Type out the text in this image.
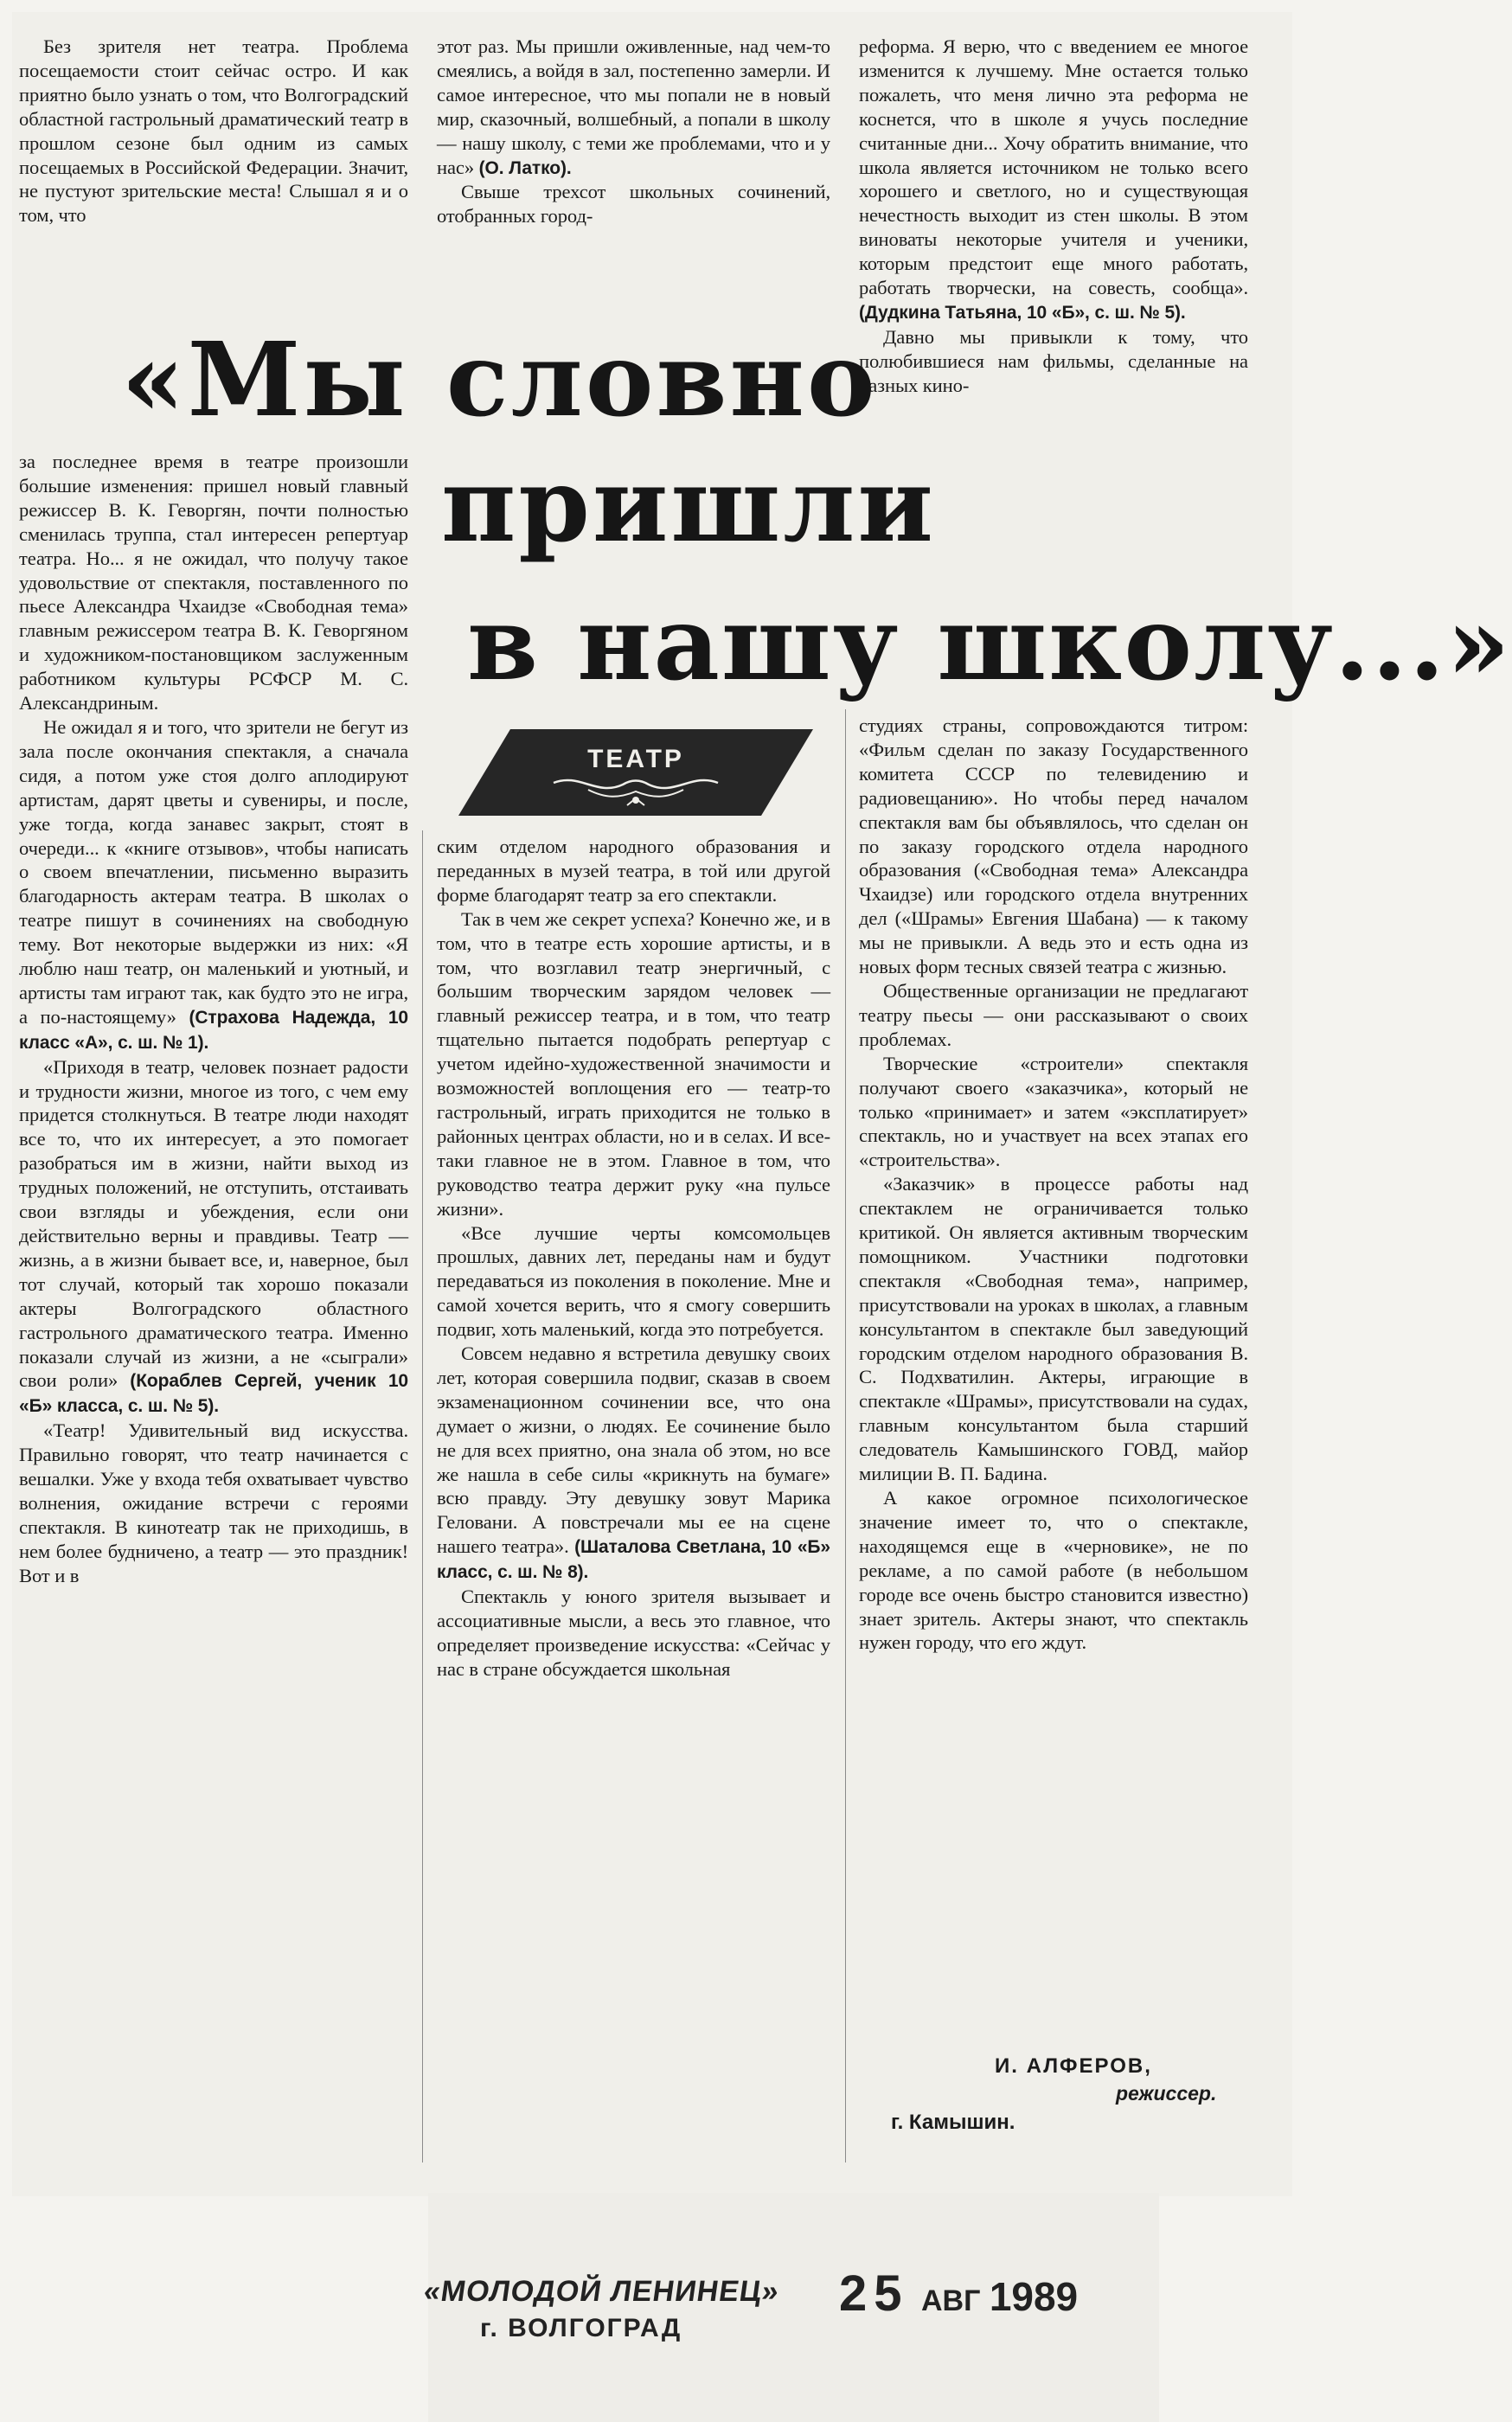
Без зрителя нет театра. Проблема посещаемости стоит сейчас остро. И как приятно было узнать о том, что Волгоградский областной гастрольный драматический театр в прошлом сезоне был одним из самых посещаемых в Российской Федерации. Значит, не пустуют зрительские места! Слышал я и о том, что

этот раз. Мы пришли оживленные, над чем-то смеялись, а войдя в зал, постепенно замерли. И самое интересное, что мы попали не в новый мир, сказочный, волшебный, а попали в школу — нашу школу, с теми же проблемами, что и у нас» (О. Латко).

Свыше трехсот школьных сочинений, отобранных город-

реформа. Я верю, что с введением ее многое изменится к лучшему. Мне остается только пожалеть, что меня лично эта реформа не коснется, что в школе я учусь последние считанные дни... Хочу обратить внимание, что школа является источником не только всего хорошего и светлого, но и существующая нечестность выходит из стен школы. В этом виноваты некоторые учителя и ученики, которым предстоит еще много работать, работать творчески, на совесть, сообща». (Дудкина Татьяна, 10 «Б», с. ш. № 5).

Давно мы привыкли к тому, что полюбившиеся нам фильмы, сделанные на разных кино-

«Мы словно
пришли
в нашу школу...»
ТЕАТР

за последнее время в театре произошли большие изменения: пришел новый главный режиссер В. К. Геворгян, почти полностью сменилась труппа, стал интересен репертуар театра. Но... я не ожидал, что получу такое удовольствие от спектакля, поставленного по пьесе Александра Чхаидзе «Свободная тема» главным режиссером театра В. К. Геворгяном и художником-постановщиком заслуженным работником культуры РСФСР М. С. Александриным.

Не ожидал я и того, что зрители не бегут из зала после окончания спектакля, а сначала сидя, а потом уже стоя долго аплодируют артистам, дарят цветы и сувениры, и после, уже тогда, когда занавес закрыт, стоят в очереди... к «книге отзывов», чтобы написать о своем впечатлении, письменно выразить благодарность актерам театра. В школах о театре пишут в сочинениях на свободную тему. Вот некоторые выдержки из них: «Я люблю наш театр, он маленький и уютный, и артисты там играют так, как будто это не игра, а по-настоящему» (Страхова Надежда, 10 класс «А», с. ш. № 1).

«Приходя в театр, человек познает радости и трудности жизни, многое из того, с чем ему придется столкнуться. В театре люди находят все то, что их интересует, а это помогает разобраться им в жизни, найти выход из трудных положений, не отступить, отстаивать свои взгляды и убеждения, если они действительно верны и правдивы. Театр — жизнь, а в жизни бывает все, и, наверное, был тот случай, который так хорошо показали актеры Волгоградского областного гастрольного драматического театра. Именно показали случай из жизни, а не «сыграли» свои роли» (Кораблев Сергей, ученик 10 «Б» класса, с. ш. № 5).

«Театр! Удивительный вид искусства. Правильно говорят, что театр начинается с вешалки. Уже у входа тебя охватывает чувство волнения, ожидание встречи с героями спектакля. В кинотеатр так не приходишь, в нем более будничено, а театр — это праздник! Вот и в

ским отделом народного образования и переданных в музей театра, в той или другой форме благодарят театр за его спектакли.

Так в чем же секрет успеха? Конечно же, и в том, что в театре есть хорошие артисты, и в том, что возглавил театр энергичный, с большим творческим зарядом человек — главный режиссер театра, и в том, что театр тщательно пытается подобрать репертуар с учетом идейно-художественной значимости и возможностей воплощения его — театр-то гастрольный, играть приходится не только в районных центрах области, но и в селах. И все-таки главное не в этом. Главное в том, что руководство театра держит руку «на пульсе жизни».

«Все лучшие черты комсомольцев прошлых, давних лет, переданы нам и будут передаваться из поколения в поколение. Мне и самой хочется верить, что я смогу совершить подвиг, хоть маленький, когда это потребуется.

Совсем недавно я встретила девушку своих лет, которая совершила подвиг, сказав в своем экзаменационном сочинении все, что она думает о жизни, о людях. Ее сочинение было не для всех приятно, она знала об этом, но все же нашла в себе силы «крикнуть на бумаге» всю правду. Эту девушку зовут Марика Геловани. А повстречали мы ее на сцене нашего театра». (Шаталова Светлана, 10 «Б» класс, с. ш. № 8).

Спектакль у юного зрителя вызывает и ассоциативные мысли, а весь это главное, что определяет произведение искусства: «Сейчас у нас в стране обсуждается школьная

студиях страны, сопровождаются титром: «Фильм сделан по заказу Государственного комитета СССР по телевидению и радиовещанию». Но чтобы перед началом спектакля вам бы объявлялось, что сделан он по заказу городского отдела народного образования («Свободная тема» Александра Чхаидзе) или городского отдела внутренних дел («Шрамы» Евгения Шабана) — к такому мы не привыкли. А ведь это и есть одна из новых форм тесных связей театра с жизнью.

Общественные организации не предлагают театру пьесы — они рассказывают о своих проблемах.

Творческие «строители» спектакля получают своего «заказчика», который не только «принимает» и затем «эксплатирует» спектакль, но и участвует на всех этапах его «строительства».

«Заказчик» в процессе работы над спектаклем не ограничивается только критикой. Он является активным творческим помощником. Участники подготовки спектакля «Свободная тема», например, присутствовали на уроках в школах, а главным консультантом в спектакле был заведующий городским отделом народного образования В. С. Подхватилин. Актеры, играющие в спектакле «Шрамы», присутствовали на судах, главным консультантом была старший следователь Камышинского ГОВД, майор милиции В. П. Бадина.

А какое огромное психологическое значение имеет то, что о спектакле, находящемся еще в «черновике», не по рекламе, а по самой работе (в небольшом городе все очень быстро становится известно) знает зритель. Актеры знают, что спектакль нужен городу, что его ждут.

И. АЛФЕРОВ,
режиссер.
г. Камышин.
«МОЛОДОЙ ЛЕНИНЕЦ»
г. ВОЛГОГРАД
25 АВГ 1989
